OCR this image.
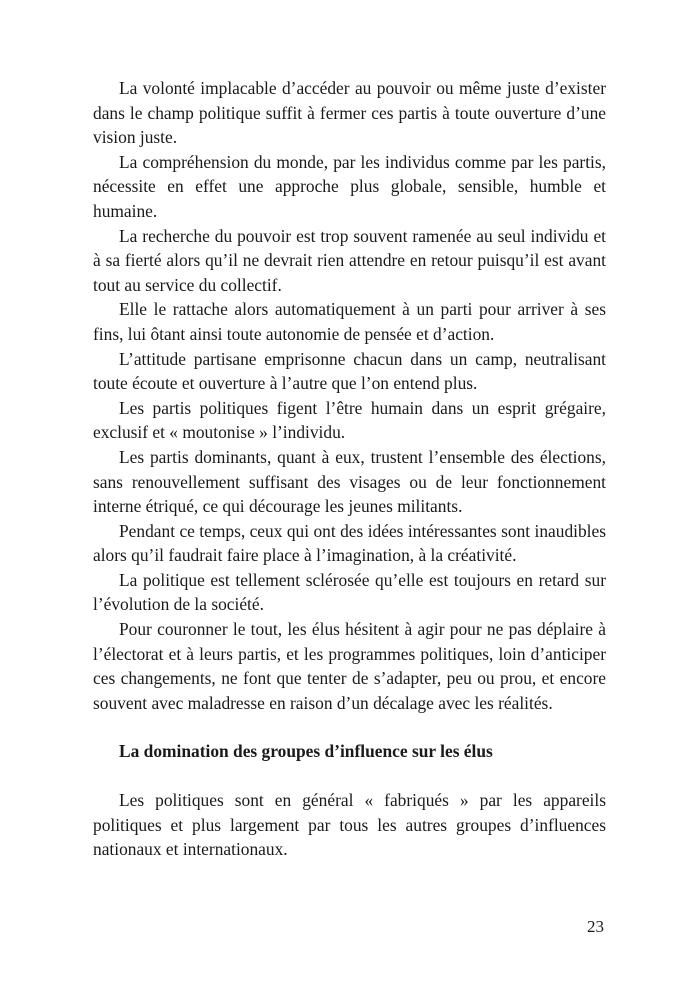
La volonté implacable d’accéder au pouvoir ou même juste d’exister dans le champ politique suffit à fermer ces partis à toute ouverture d’une vision juste.

La compréhension du monde, par les individus comme par les partis, nécessite en effet une approche plus globale, sensible, humble et humaine.

La recherche du pouvoir est trop souvent ramenée au seul individu et à sa fierté alors qu’il ne devrait rien attendre en retour puisqu’il est avant tout au service du collectif.

Elle le rattache alors automatiquement à un parti pour arriver à ses fins, lui ôtant ainsi toute autonomie de pensée et d’action.

L’attitude partisane emprisonne chacun dans un camp, neutralisant toute écoute et ouverture à l’autre que l’on entend plus.

Les partis politiques figent l’être humain dans un esprit grégaire, exclusif et « moutonise » l’individu.

Les partis dominants, quant à eux, trustent l’ensemble des élections, sans renouvellement suffisant des visages ou de leur fonctionnement interne étriqué, ce qui décourage les jeunes militants.

Pendant ce temps, ceux qui ont des idées intéressantes sont inaudibles alors qu’il faudrait faire place à l’imagination, à la créativité.

La politique est tellement sclérosée qu’elle est toujours en retard sur l’évolution de la société.

Pour couronner le tout, les élus hésitent à agir pour ne pas déplaire à l’électorat et à leurs partis, et les programmes politiques, loin d’anticiper ces changements, ne font que tenter de s’adapter, peu ou prou, et encore souvent avec maladresse en raison d’un décalage avec les réalités.

La domination des groupes d’influence sur les élus

Les politiques sont en général « fabriqués » par les appareils politiques et plus largement par tous les autres groupes d’influences nationaux et internationaux.

23
